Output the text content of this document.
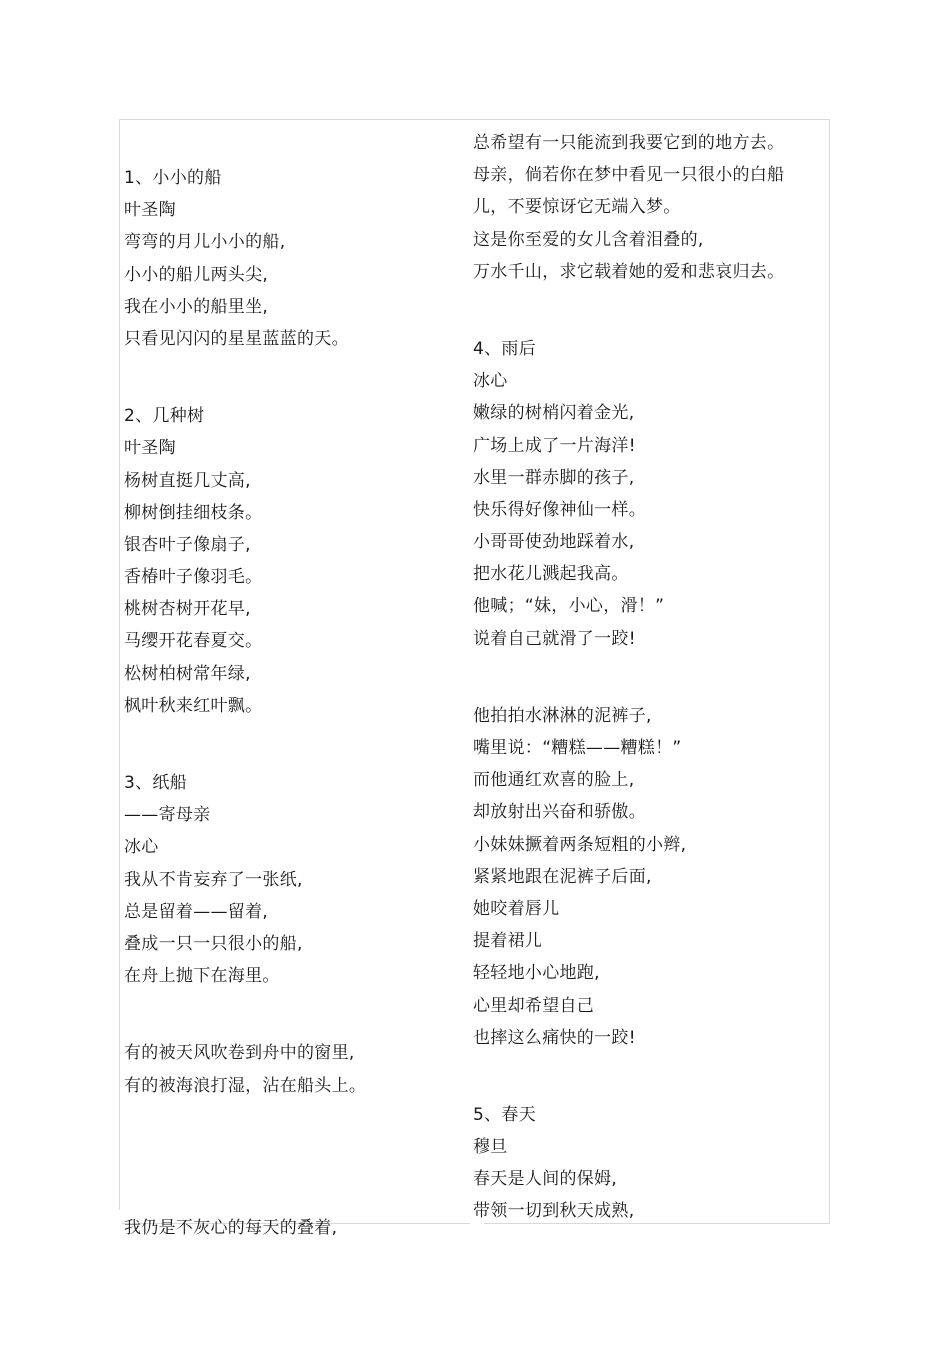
1、小小的船
叶圣陶
弯弯的月儿小小的船,
小小的船儿两头尖,
我在小小的船里坐,
只看见闪闪的星星蓝蓝的天。
2、几种树
叶圣陶
杨树直挺几丈高,
柳树倒挂细枝条。
银杏叶子像扇子,
香椿叶子像羽毛。
桃树杏树开花早,
马缨开花春夏交。
松树柏树常年绿,
枫叶秋来红叶飘。
3、纸船
——寄母亲
冰心
我从不肯妄弃了一张纸,
总是留着——留着,
叠成一只一只很小的船,
在舟上抛下在海里。
有的被天风吹卷到舟中的窗里,
有的被海浪打湿，沾在船头上。
我仍是不灰心的每天的叠着,
总希望有一只能流到我要它到的地方去。
母亲，倘若你在梦中看见一只很小的白船
儿，不要惊讶它无端入梦。
这是你至爱的女儿含着泪叠的,
万水千山，求它载着她的爱和悲哀归去。
4、雨后
冰心
嫩绿的树梢闪着金光,
广场上成了一片海洋!
水里一群赤脚的孩子,
快乐得好像神仙一样。
小哥哥使劲地踩着水,
把水花儿溅起我高。
他喊；“妹，小心，滑！”
说着自己就滑了一跤!
他拍拍水淋淋的泥裤子,
嘴里说：“糟糕——糟糕！”
而他通红欢喜的脸上,
却放射出兴奋和骄傲。
小妹妹撅着两条短粗的小辫,
紧紧地跟在泥裤子后面,
她咬着唇儿
提着裙儿
轻轻地小心地跑,
心里却希望自己
也摔这么痛快的一跤!
5、春天
穆旦
春天是人间的保姆,
带领一切到秋天成熟,
